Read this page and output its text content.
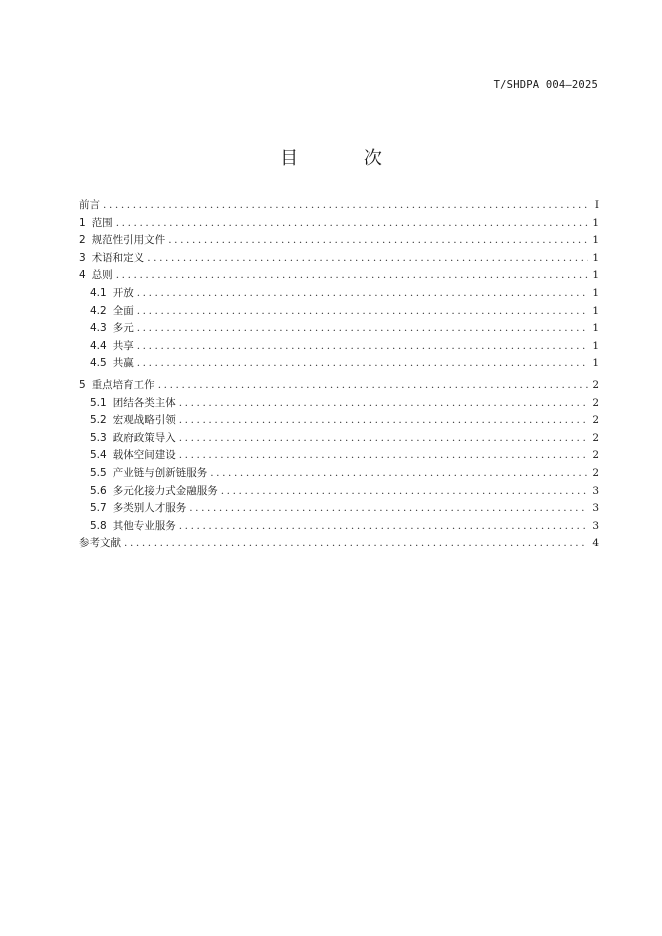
T/SHDPA 004—2025
目 次
前言 .....	I
1 范围 .....	1
2 规范性引用文件 .....	1
3 术语和定义 .....	1
4 总则 .....	1
4.1 开放 .....	1
4.2 全面 .....	1
4.3 多元 .....	1
4.4 共享 .....	1
4.5 共赢 .....	1
5 重点培育工作 .....	2
5.1 团结各类主体 .....	2
5.2 宏观战略引领 .....	2
5.3 政府政策导入 .....	2
5.4 载体空间建设 .....	2
5.5 产业链与创新链服务 .....	2
5.6 多元化接力式金融服务 .....	3
5.7 多类别人才服务 .....	3
5.8 其他专业服务 .....	3
参考文献 .....	4
